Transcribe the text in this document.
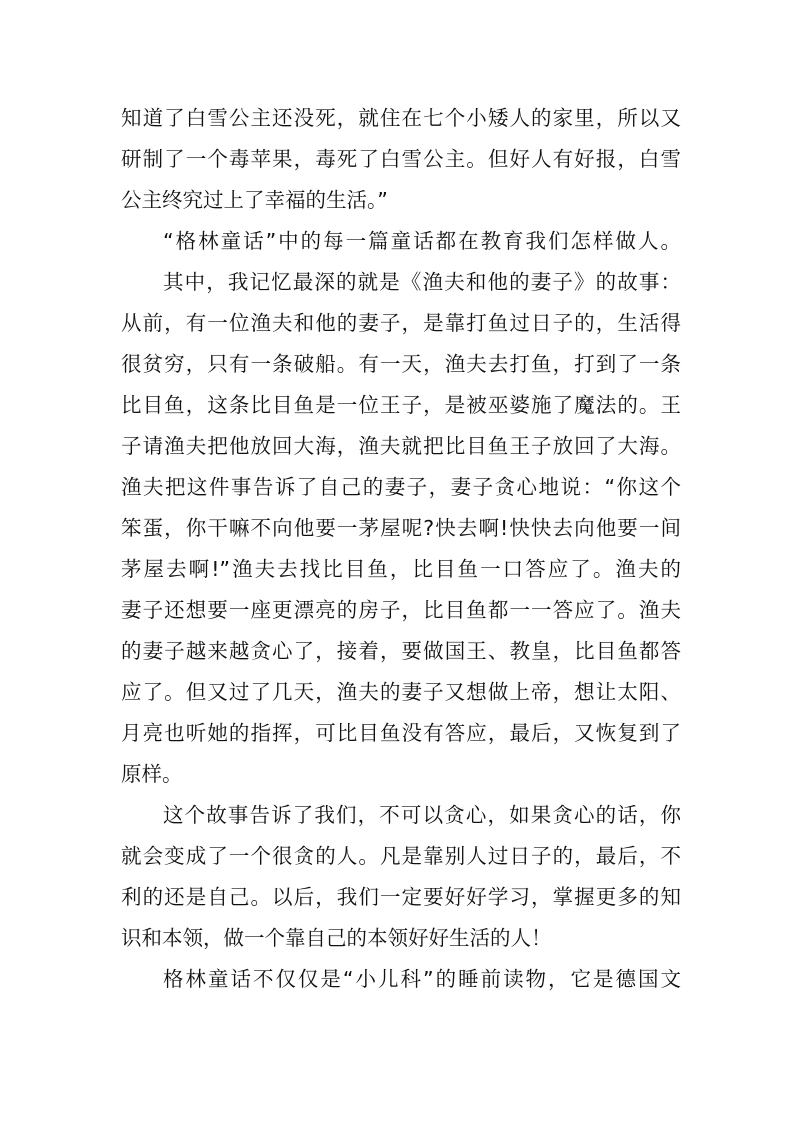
知道了白雪公主还没死，就住在七个小矮人的家里，所以又
研制了一个毒苹果，毒死了白雪公主。但好人有好报，白雪
公主终究过上了幸福的生活。”
“格林童话”中的每一篇童话都在教育我们怎样做人。
其中，我记忆最深的就是《渔夫和他的妻子》的故事：
从前，有一位渔夫和他的妻子，是靠打鱼过日子的，生活得
很贫穷，只有一条破船。有一天，渔夫去打鱼，打到了一条
比目鱼，这条比目鱼是一位王子，是被巫婆施了魔法的。王
子请渔夫把他放回大海，渔夫就把比目鱼王子放回了大海。
渔夫把这件事告诉了自己的妻子，妻子贪心地说：“你这个
笨蛋，你干嘛不向他要一茅屋呢?快去啊!快快去向他要一间
茅屋去啊!”渔夫去找比目鱼，比目鱼一口答应了。渔夫的
妻子还想要一座更漂亮的房子，比目鱼都一一答应了。渔夫
的妻子越来越贪心了，接着，要做国王、教皇，比目鱼都答
应了。但又过了几天，渔夫的妻子又想做上帝，想让太阳、
月亮也听她的指挥，可比目鱼没有答应，最后，又恢复到了
原样。
这个故事告诉了我们，不可以贪心，如果贪心的话，你
就会变成了一个很贪的人。凡是靠别人过日子的，最后，不
利的还是自己。以后，我们一定要好好学习，掌握更多的知
识和本领，做一个靠自己的本领好好生活的人！
格林童话不仅仅是“小儿科”的睡前读物，它是德国文
